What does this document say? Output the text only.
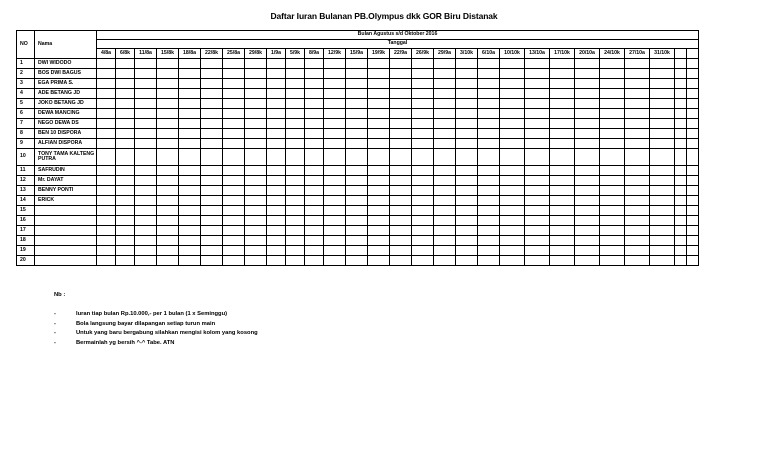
Daftar Iuran Bulanan PB.Olympus dkk GOR Biru Distanak
NO	Nama	Bulan Agustus s/d Oktober 2016																											
		Tanggal																											
		4/8a	6/8k	11/8a	15/8k	18/8a	22/8k	25/8a	29/8k	1/9a	5/9k	8/9a	12/9k	15/9a	19/9k	22/9a	26/9k	29/9a	3/10k	6/10a	10/10k	13/10a	17/10k	20/10a	24/10k	27/10a	31/10k		
1	DWI WIDODO																												
2	BOS DWI BAGUS																												
3	EGA PRIMA S.																												
4	ADE BETANG JD																												
5	JOKO BETANG JD																												
6	DEWA MANCING																												
7	NEGO DEWA DS																												
8	BEN 10 DISPORA																												
9	ALFIAN DISPORA																												
10	TONY TAMA KALTENG PUTRA																												
11	SAFRUDIN																												
12	Mr. DAYAT																												
13	BENNY PONTI																												
14	ERICK																												
15																													
16																													
17																													
18																													
19																													
20																													
Nb :
-	Iuran tiap bulan Rp.10.000,- per 1 bulan (1 x Seminggu)
-	Bola langsung bayar dilapangan setiap turun main
-	Untuk yang baru bergabung silahkan mengisi kolom yang kosong
-	Bermainlah yg bersih ^-^ Tabe. ATN
